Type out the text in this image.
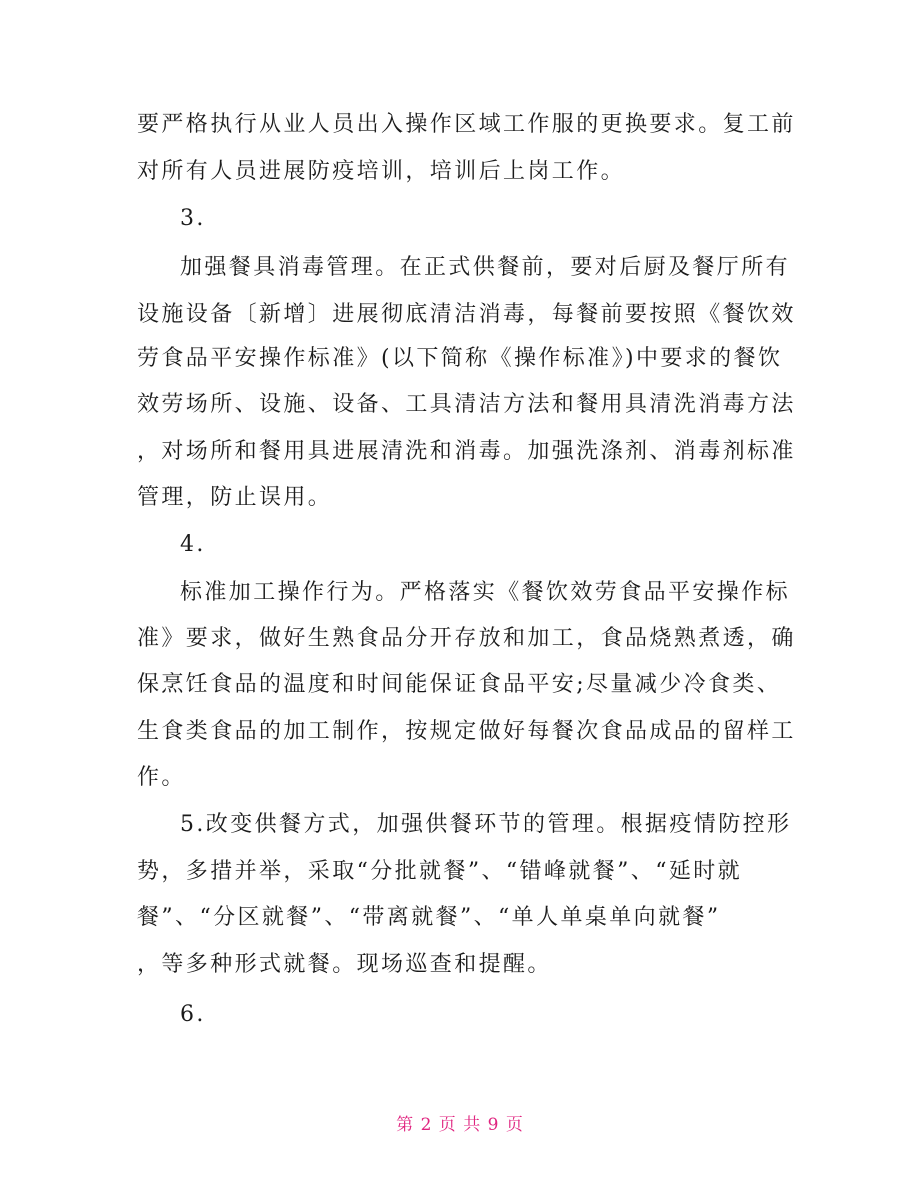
要严格执行从业人员出入操作区域工作服的更换要求。复工前
对所有人员进展防疫培训，培训后上岗工作。
3.
加强餐具消毒管理。在正式供餐前，要对后厨及餐厅所有
设施设备〔新增〕进展彻底清洁消毒，每餐前要按照《餐饮效
劳食品平安操作标准》(以下简称《操作标准》)中要求的餐饮
效劳场所、设施、设备、工具清洁方法和餐用具清洗消毒方法
，对场所和餐用具进展清洗和消毒。加强洗涤剂、消毒剂标准
管理，防止误用。
4.
标准加工操作行为。严格落实《餐饮效劳食品平安操作标
准》要求，做好生熟食品分开存放和加工，食品烧熟煮透，确
保烹饪食品的温度和时间能保证食品平安;尽量减少冷食类、
生食类食品的加工制作，按规定做好每餐次食品成品的留样工
作。
5.改变供餐方式，加强供餐环节的管理。根据疫情防控形
势，多措并举，采取“分批就餐”、“错峰就餐”、“延时就
餐”、“分区就餐”、“带离就餐”、“单人单桌单向就餐”
，等多种形式就餐。现场巡查和提醒。
6.
第 2 页 共 9 页
